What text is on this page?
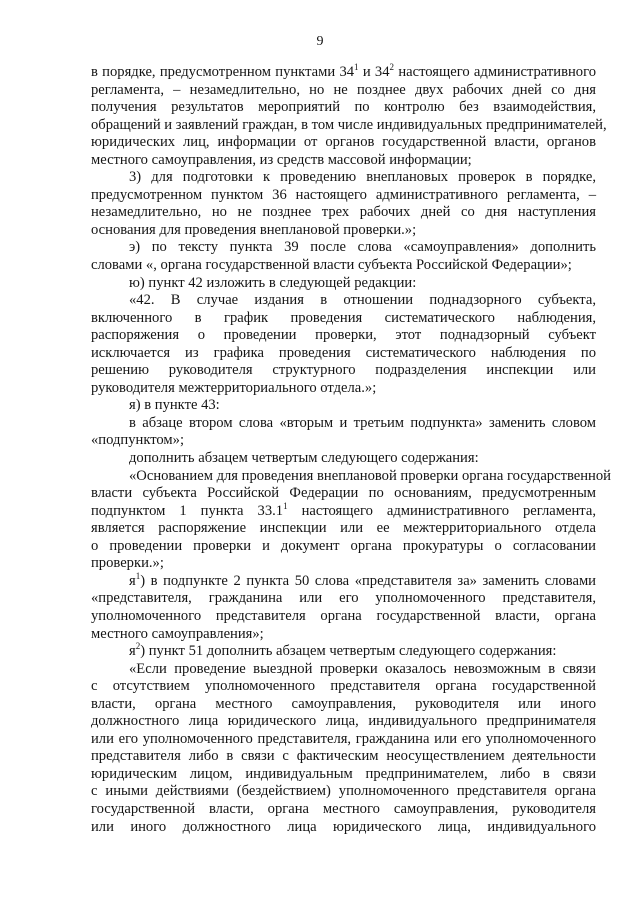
9
в порядке, предусмотренном пунктами $34^1$ и $34^2$ настоящего административного
регламента, – незамедлительно, но не позднее двух рабочих дней со дня
получения результатов мероприятий по контролю без взаимодействия,
обращений и заявлений граждан, в том числе индивидуальных предпринимателей,
юридических лиц, информации от органов государственной власти, органов
местного самоуправления, из средств массовой информации;
3) для подготовки к проведению внеплановых проверок в порядке,
предусмотренном пунктом 36 настоящего административного регламента, –
незамедлительно, но не позднее трех рабочих дней со дня наступления
основания для проведения внеплановой проверки.»;
э) по тексту пункта 39 после слова «самоуправления» дополнить
словами «, органа государственной власти субъекта Российской Федерации»;
ю) пункт 42 изложить в следующей редакции:
«42. В случае издания в отношении поднадзорного субъекта,
включенного в график проведения систематического наблюдения,
распоряжения о проведении проверки, этот поднадзорный субъект
исключается из графика проведения систематического наблюдения по
решению руководителя структурного подразделения инспекции или
руководителя межтерриториального отдела.»;
я) в пункте 43:
в абзаце втором слова «вторым и третьим подпункта» заменить словом
«подпунктом»;
дополнить абзацем четвертым следующего содержания:
«Основанием для проведения внеплановой проверки органа государственной
власти субъекта Российской Федерации по основаниям, предусмотренным
подпунктом 1 пункта 33.1$^1$ настоящего административного регламента,
является распоряжение инспекции или ее межтерриториального отдела
о проведении проверки и документ органа прокуратуры о согласовании
проверки.»;
$я^1$) в подпункте 2 пункта 50 слова «представителя за» заменить словами
«представителя, гражданина или его уполномоченного представителя,
уполномоченного представителя органа государственной власти, органа
местного самоуправления»;
$я^2$) пункт 51 дополнить абзацем четвертым следующего содержания:
«Если проведение выездной проверки оказалось невозможным в связи
с отсутствием уполномоченного представителя органа государственной
власти, органа местного самоуправления, руководителя или иного
должностного лица юридического лица, индивидуального предпринимателя
или его уполномоченного представителя, гражданина или его уполномоченного
представителя либо в связи с фактическим неосуществлением деятельности
юридическим лицом, индивидуальным предпринимателем, либо в связи
с иными действиями (бездействием) уполномоченного представителя органа
государственной власти, органа местного самоуправления, руководителя
или иного должностного лица юридического лица, индивидуального
